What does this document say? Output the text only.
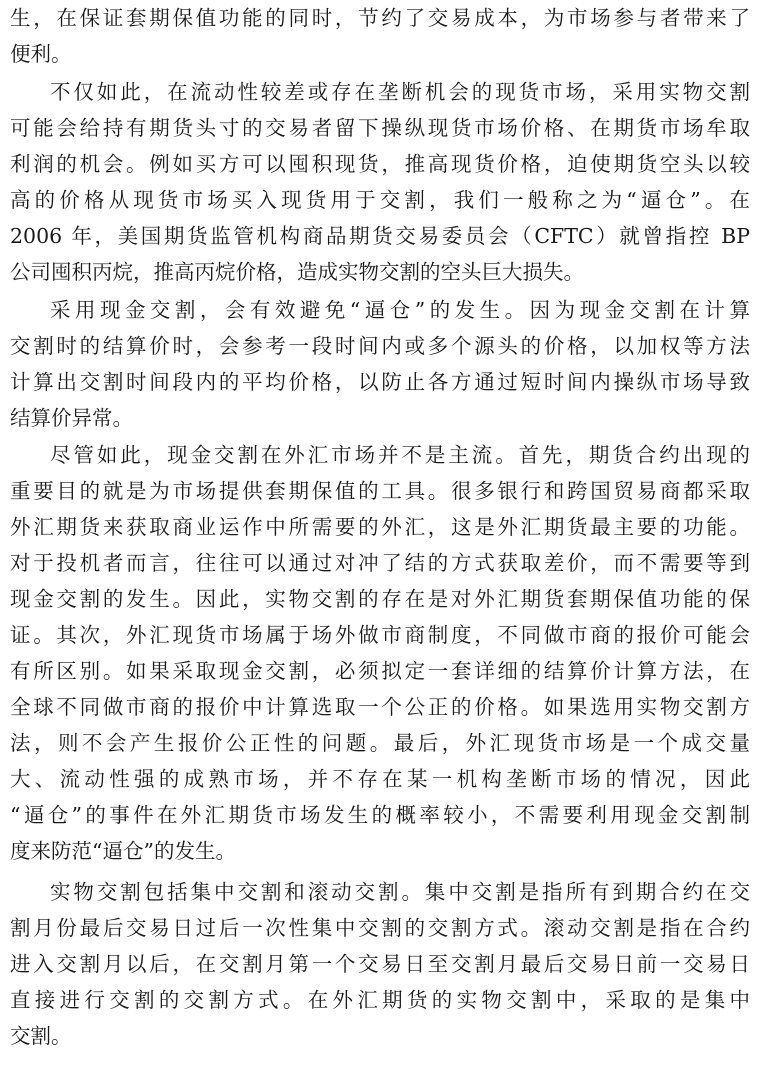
生，在保证套期保值功能的同时，节约了交易成本，为市场参与者带来了
便利。
不仅如此，在流动性较差或存在垄断机会的现货市场，采用实物交割
可能会给持有期货头寸的交易者留下操纵现货市场价格、在期货市场牟取
利润的机会。例如买方可以囤积现货，推高现货价格，迫使期货空头以较
高的价格从现货市场买入现货用于交割，我们一般称之为“逼仓”。在
2006 年，美国期货监管机构商品期货交易委员会（CFTC）就曾指控 BP
公司囤积丙烷，推高丙烷价格，造成实物交割的空头巨大损失。
采用现金交割，会有效避免“逼仓”的发生。因为现金交割在计算
交割时的结算价时，会参考一段时间内或多个源头的价格，以加权等方法
计算出交割时间段内的平均价格，以防止各方通过短时间内操纵市场导致
结算价异常。
尽管如此，现金交割在外汇市场并不是主流。首先，期货合约出现的
重要目的就是为市场提供套期保值的工具。很多银行和跨国贸易商都采取
外汇期货来获取商业运作中所需要的外汇，这是外汇期货最主要的功能。
对于投机者而言，往往可以通过对冲了结的方式获取差价，而不需要等到
现金交割的发生。因此，实物交割的存在是对外汇期货套期保值功能的保
证。其次，外汇现货市场属于场外做市商制度，不同做市商的报价可能会
有所区别。如果采取现金交割，必须拟定一套详细的结算价计算方法，在
全球不同做市商的报价中计算选取一个公正的价格。如果选用实物交割方
法，则不会产生报价公正性的问题。最后，外汇现货市场是一个成交量
大、流动性强的成熟市场，并不存在某一机构垄断市场的情况，因此
“逼仓”的事件在外汇期货市场发生的概率较小，不需要利用现金交割制
度来防范“逼仓”的发生。
实物交割包括集中交割和滚动交割。集中交割是指所有到期合约在交
割月份最后交易日过后一次性集中交割的交割方式。滚动交割是指在合约
进入交割月以后，在交割月第一个交易日至交割月最后交易日前一交易日
直接进行交割的交割方式。在外汇期货的实物交割中，采取的是集中
交割。
